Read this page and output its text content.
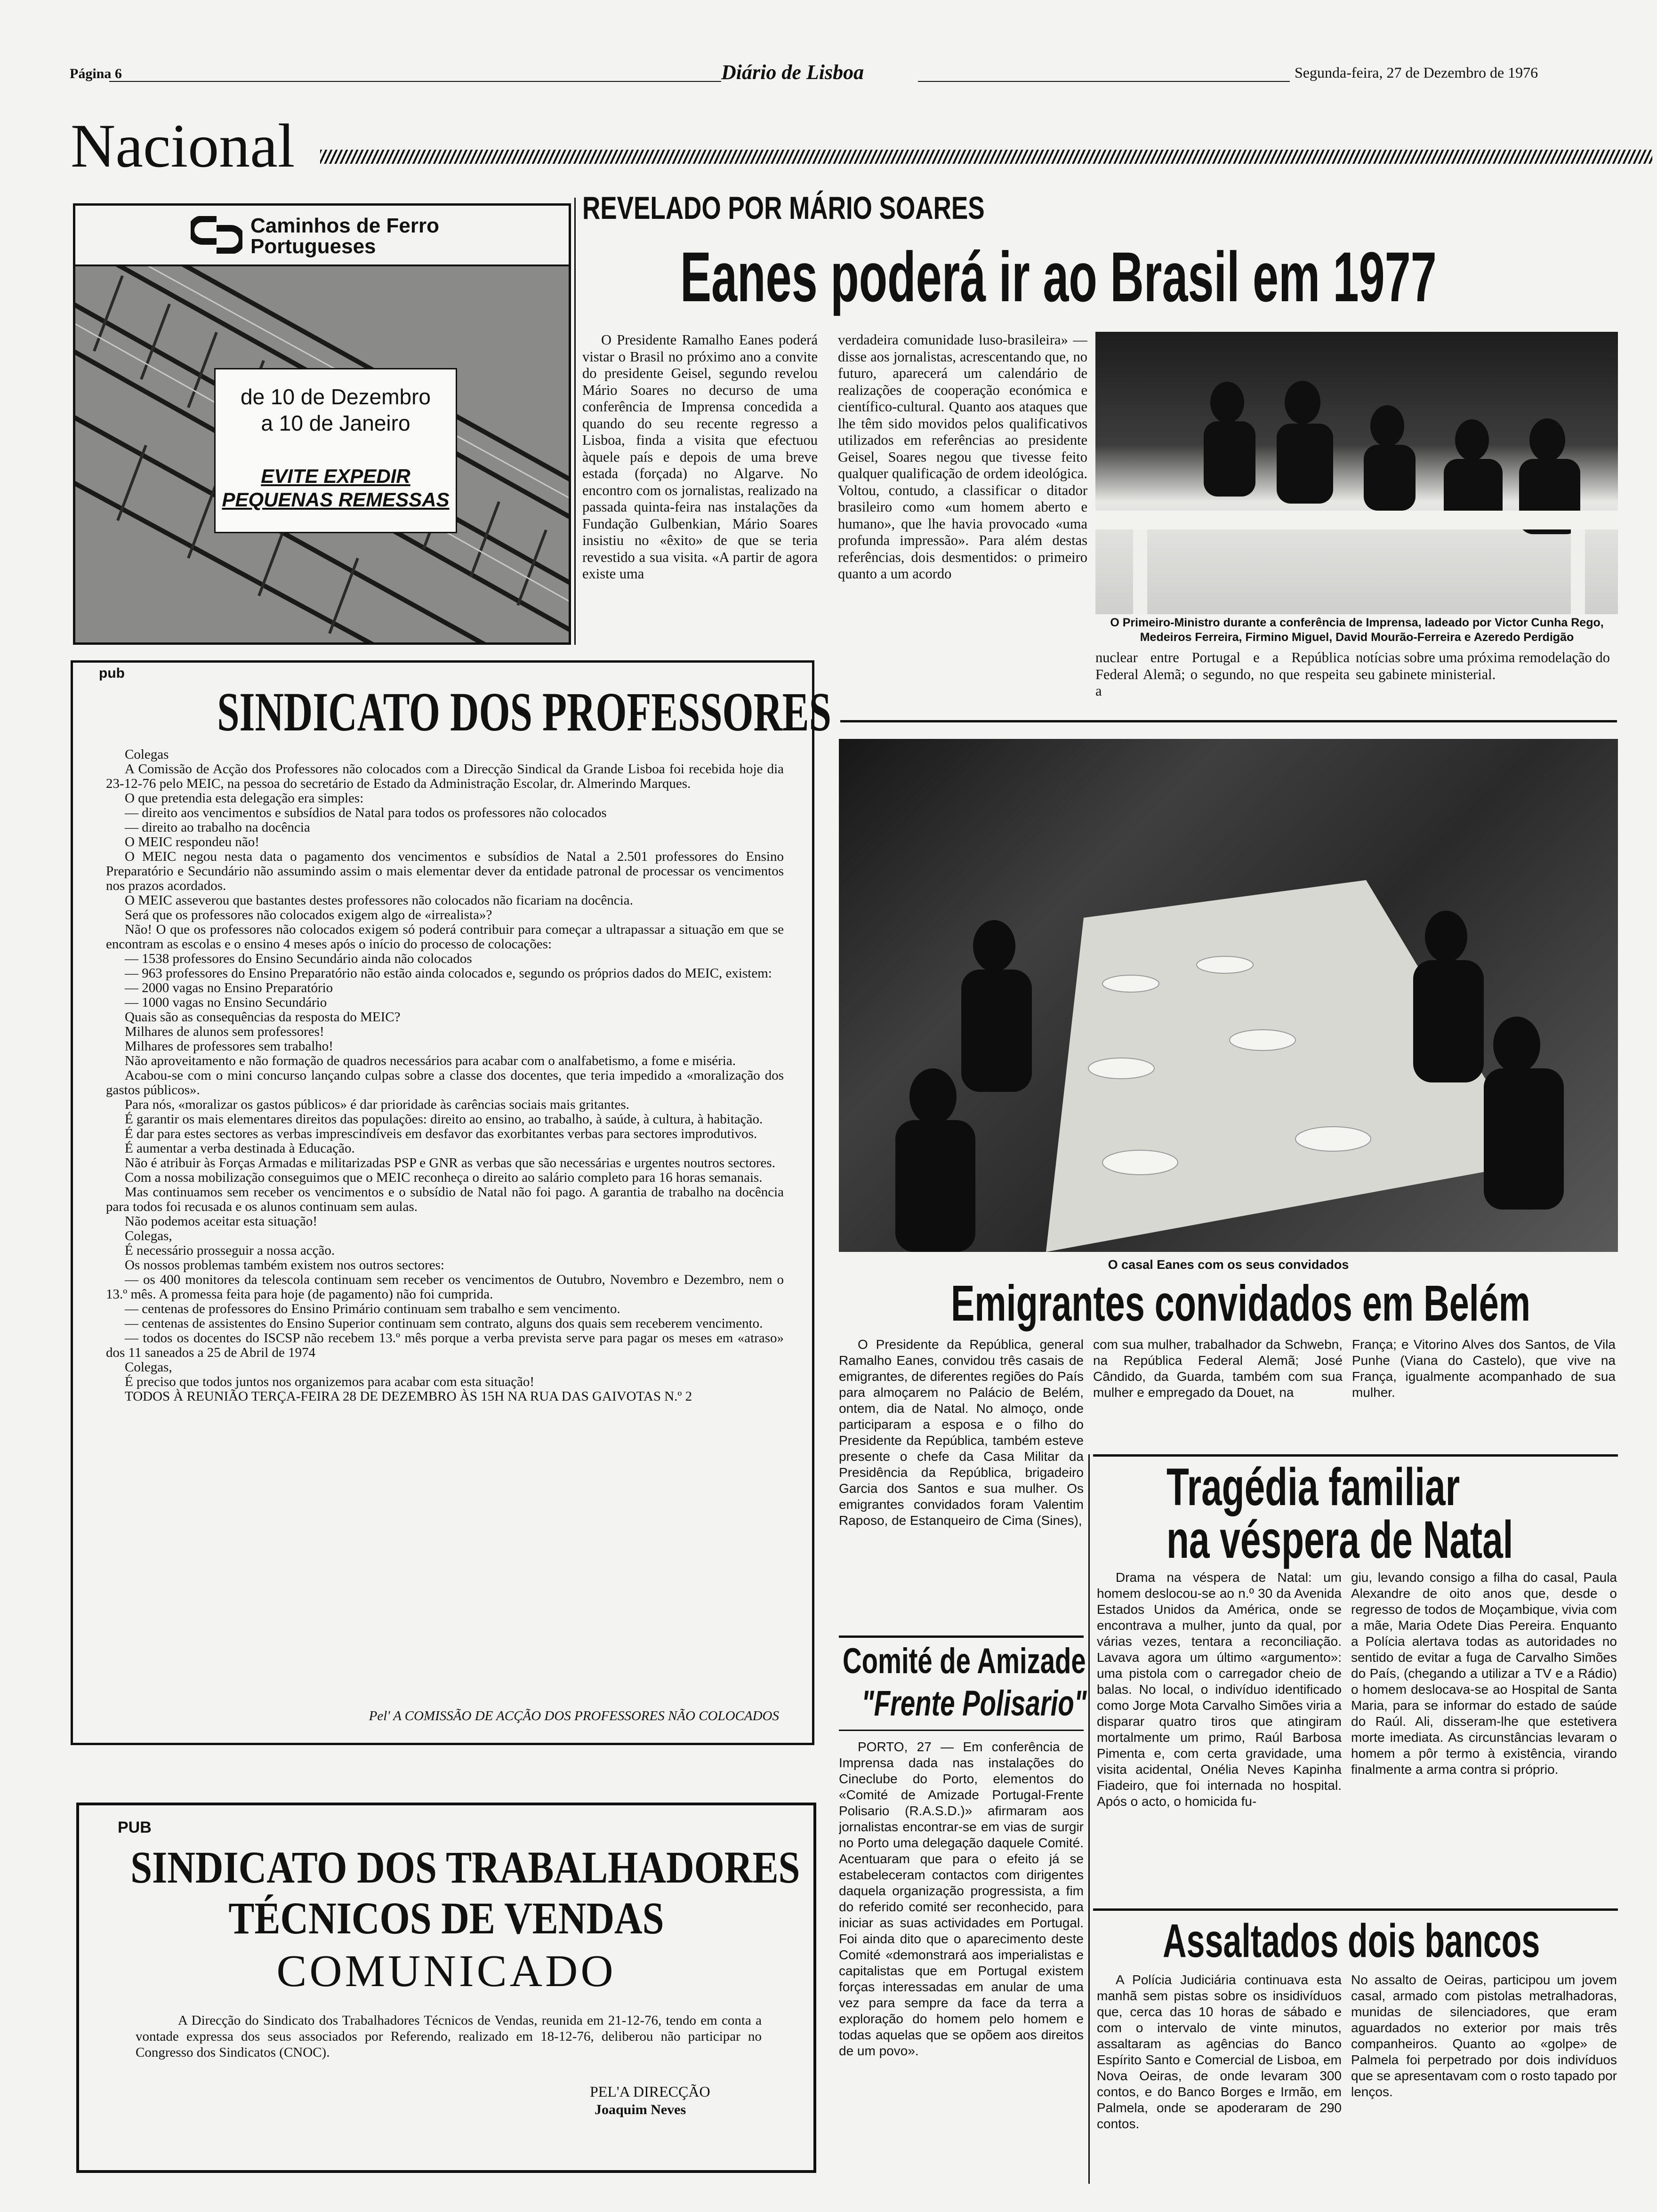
Página 6	Diário de Lisboa	Segunda-feira, 27 de Dezembro de 1976
Nacional
Caminhos de Ferro
Portugueses
de 10 de Dezembro
a 10 de Janeiro
EVITE EXPEDIR
PEQUENAS REMESSAS
REVELADO POR MÁRIO SOARES
Eanes poderá ir ao Brasil em 1977

O Presidente Ramalho Eanes poderá vistar o Brasil no próximo ano a convite do presidente Geisel, segundo revelou Mário Soares no decurso de uma conferência de Imprensa concedida a quando do seu recente regresso a Lisboa, finda a visita que efectuou àquele país e depois de uma breve estada (forçada) no Algarve. No encontro com os jornalistas, realizado na passada quinta-feira nas instalações da Fundação Gulbenkian, Mário Soares insistiu no «êxito» de que se teria revestido a sua visita. «A partir de agora existe uma

verdadeira comunidade luso-brasileira» — disse aos jornalistas, acrescentando que, no futuro, aparecerá um calendário de realizações de cooperação económica e científico-cultural. Quanto aos ataques que lhe têm sido movidos pelos qualificativos utilizados em referências ao presidente Geisel, Soares negou que tivesse feito qualquer qualificação de ordem ideológica. Voltou, contudo, a classificar o ditador brasileiro como «um homem aberto e humano», que lhe havia provocado «uma profunda impressão». Para além destas referências, dois desmentidos: o primeiro quanto a um acordo

O Primeiro-Ministro durante a conferência de Imprensa, ladeado por Victor Cunha Rego, Medeiros Ferreira, Firmino Miguel, David Mourão-Ferreira e Azeredo Perdigão

nuclear entre Portugal e a República Federal Alemã; o segundo, no que respeita a

notícias sobre uma próxima remodelação do seu gabinete ministerial.

pub
SINDICATO DOS PROFESSORES

Colegas

A Comissão de Acção dos Professores não colocados com a Direcção Sindical da Grande Lisboa foi recebida hoje dia 23-12-76 pelo MEIC, na pessoa do secretário de Estado da Administração Escolar, dr. Almerindo Marques.

O que pretendia esta delegação era simples:

— direito aos vencimentos e subsídios de Natal para todos os professores não colocados

— direito ao trabalho na docência

O MEIC respondeu não!

O MEIC negou nesta data o pagamento dos vencimentos e subsídios de Natal a 2.501 professores do Ensino Preparatório e Secundário não assumindo assim o mais elementar dever da entidade patronal de processar os vencimentos nos prazos acordados.

O MEIC asseverou que bastantes destes professores não colocados não ficariam na docência.

Será que os professores não colocados exigem algo de «irrealista»?

Não! O que os professores não colocados exigem só poderá contribuir para começar a ultrapassar a situação em que se encontram as escolas e o ensino 4 meses após o início do processo de colocações:

— 1538 professores do Ensino Secundário ainda não colocados

— 963 professores do Ensino Preparatório não estão ainda colocados e, segundo os próprios dados do MEIC, existem:

— 2000 vagas no Ensino Preparatório

— 1000 vagas no Ensino Secundário

Quais são as consequências da resposta do MEIC?

Milhares de alunos sem professores!

Milhares de professores sem trabalho!

Não aproveitamento e não formação de quadros necessários para acabar com o analfabetismo, a fome e miséria.

Acabou-se com o mini concurso lançando culpas sobre a classe dos docentes, que teria impedido a «moralização dos gastos públicos».

Para nós, «moralizar os gastos públicos» é dar prioridade às carências sociais mais gritantes.

É garantir os mais elementares direitos das populações: direito ao ensino, ao trabalho, à saúde, à cultura, à habitação.

É dar para estes sectores as verbas imprescindíveis em desfavor das exorbitantes verbas para sectores improdutivos.

É aumentar a verba destinada à Educação.

Não é atribuir às Forças Armadas e militarizadas PSP e GNR as verbas que são necessárias e urgentes noutros sectores.

Com a nossa mobilização conseguimos que o MEIC reconheça o direito ao salário completo para 16 horas semanais.

Mas continuamos sem receber os vencimentos e o subsídio de Natal não foi pago. A garantia de trabalho na docência para todos foi recusada e os alunos continuam sem aulas.

Não podemos aceitar esta situação!

Colegas,

É necessário prosseguir a nossa acção.

Os nossos problemas também existem nos outros sectores:

— os 400 monitores da telescola continuam sem receber os vencimentos de Outubro, Novembro e Dezembro, nem o 13.º mês. A promessa feita para hoje (de pagamento) não foi cumprida.

— centenas de professores do Ensino Primário continuam sem trabalho e sem vencimento.

— centenas de assistentes do Ensino Superior continuam sem contrato, alguns dos quais sem receberem vencimento.

— todos os docentes do ISCSP não recebem 13.º mês porque a verba prevista serve para pagar os meses em «atraso» dos 11 saneados a 25 de Abril de 1974

Colegas,

É preciso que todos juntos nos organizemos para acabar com esta situação!

TODOS À REUNIÃO TERÇA-FEIRA 28 DE DEZEMBRO ÀS 15H NA RUA DAS GAIVOTAS N.º 2

Pel' A COMISSÃO DE ACÇÃO DOS PROFESSORES NÃO COLOCADOS
PUB
SINDICATO DOS TRABALHADORES
TÉCNICOS DE VENDAS
COMUNICADO

A Direcção do Sindicato dos Trabalhadores Técnicos de Vendas, reunida em 21-12-76, tendo em conta a vontade expressa dos seus associados por Referendo, realizado em 18-12-76, deliberou não participar no Congresso dos Sindicatos (CNOC).

PEL'A DIRECÇÃO
Joaquim Neves
O casal Eanes com os seus convidados
Emigrantes convidados em Belém

O Presidente da República, general Ramalho Eanes, convidou três casais de emigrantes, de diferentes regiões do País para almoçarem no Palácio de Belém, ontem, dia de Natal. No almoço, onde participaram a esposa e o filho do Presidente da República, também esteve presente o chefe da Casa Militar da Presidência da República, brigadeiro Garcia dos Santos e sua mulher. Os emigrantes convidados foram Valentim Raposo, de Estanqueiro de Cima (Sines),

com sua mulher, trabalhador da Schwebn, na República Federal Alemã; José Cândido, da Guarda, também com sua mulher e empregado da Douet, na

França; e Vitorino Alves dos Santos, de Vila Punhe (Viana do Castelo), que vive na França, igualmente acompanhado de sua mulher.

Tragédia familiar
na véspera de Natal

Drama na véspera de Natal: um homem deslocou-se ao n.º 30 da Avenida Estados Unidos da América, onde se encontrava a mulher, junto da qual, por várias vezes, tentara a reconciliação. Lavava agora um último «argumento»: uma pistola com o carregador cheio de balas. No local, o indivíduo identificado como Jorge Mota Carvalho Simões viria a disparar quatro tiros que atingiram mortalmente um primo, Raúl Barbosa Pimenta e, com certa gravidade, uma visita acidental, Onélia Neves Kapinha Fiadeiro, que foi internada no hospital. Após o acto, o homicida fu-

giu, levando consigo a filha do casal, Paula Alexandre de oito anos que, desde o regresso de todos de Moçambique, vivia com a mãe, Maria Odete Dias Pereira. Enquanto a Polícia alertava todas as autoridades no sentido de evitar a fuga de Carvalho Simões do País, (chegando a utilizar a TV e a Rádio) o homem deslocava-se ao Hospital de Santa Maria, para se informar do estado de saúde do Raúl. Ali, disseram-lhe que estetivera morte imediata. As circunstâncias levaram o homem a pôr termo à existência, virando finalmente a arma contra si próprio.

Comité de Amizade
"Frente Polisario"

PORTO, 27 — Em conferência de Imprensa dada nas instalações do Cineclube do Porto, elementos do «Comité de Amizade Portugal-Frente Polisario (R.A.S.D.)» afirmaram aos jornalistas encontrar-se em vias de surgir no Porto uma delegação daquele Comité. Acentuaram que para o efeito já se estabeleceram contactos com dirigentes daquela organização progressista, a fim do referido comité ser reconhecido, para iniciar as suas actividades em Portugal. Foi ainda dito que o aparecimento deste Comité «demonstrará aos imperialistas e capitalistas que em Portugal existem forças interessadas em anular de uma vez para sempre da face da terra a exploração do homem pelo homem e todas aquelas que se opõem aos direitos de um povo».

Assaltados dois bancos

A Polícia Judiciária continuava esta manhã sem pistas sobre os insidivíduos que, cerca das 10 horas de sábado e com o intervalo de vinte minutos, assaltaram as agências do Banco Espírito Santo e Comercial de Lisboa, em Nova Oeiras, de onde levaram 300 contos, e do Banco Borges e Irmão, em Palmela, onde se apoderaram de 290 contos.

No assalto de Oeiras, participou um jovem casal, armado com pistolas metralhadoras, munidas de silenciadores, que eram aguardados no exterior por mais três companheiros. Quanto ao «golpe» de Palmela foi perpetrado por dois indivíduos que se apresentavam com o rosto tapado por lenços.
